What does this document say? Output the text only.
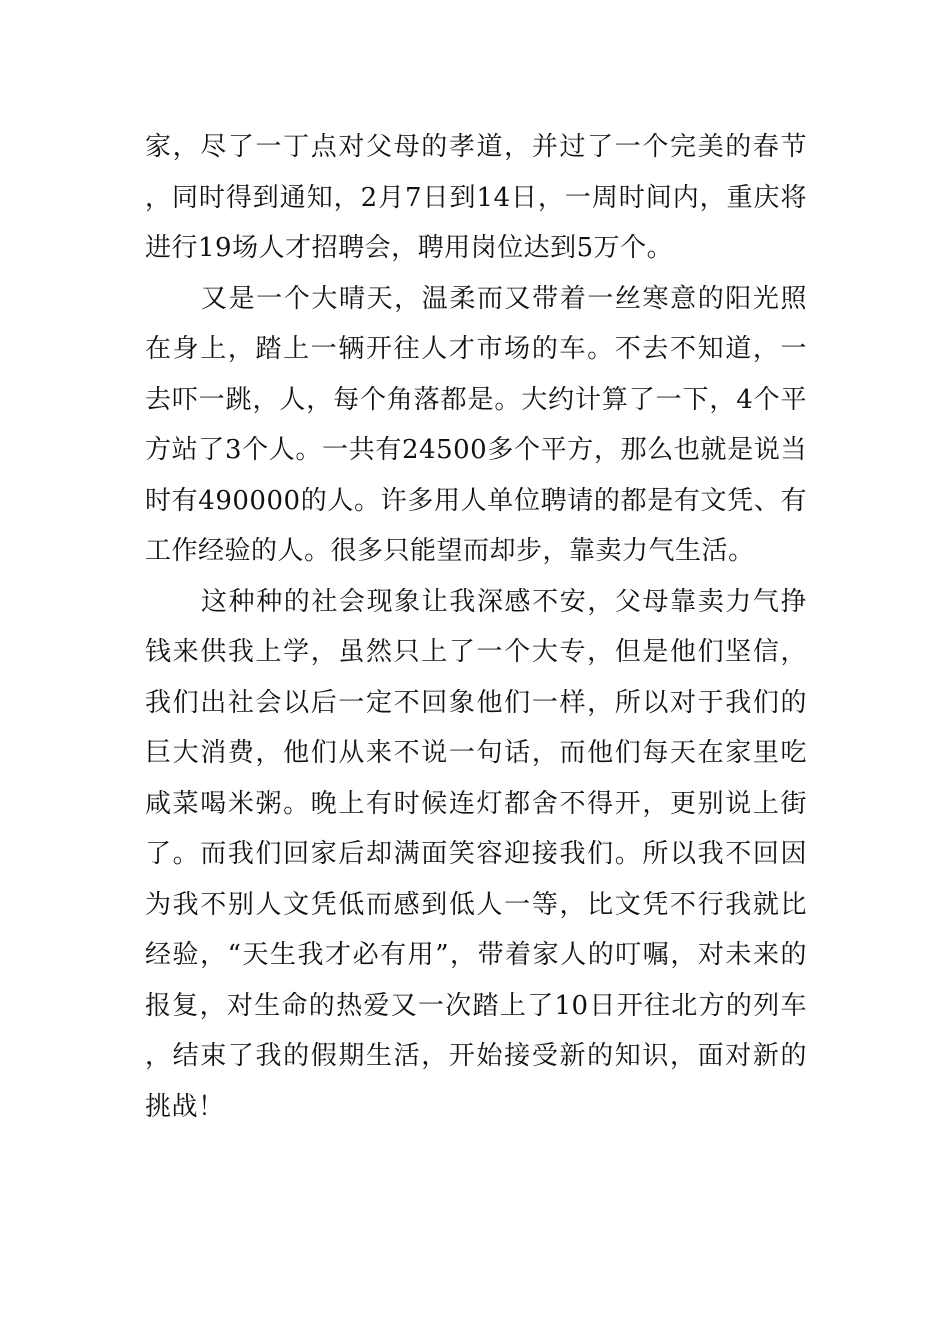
家，尽了一丁点对父母的孝道，并过了一个完美的春节，同时得到通知，2月7日到14日，一周时间内，重庆将进行19场人才招聘会，聘用岗位达到5万个。

又是一个大晴天，温柔而又带着一丝寒意的阳光照在身上，踏上一辆开往人才市场的车。不去不知道，一去吓一跳，人，每个角落都是。大约计算了一下，4个平方站了3个人。一共有24500多个平方，那么也就是说当时有490000的人。许多用人单位聘请的都是有文凭、有工作经验的人。很多只能望而却步，靠卖力气生活。

这种种的社会现象让我深感不安，父母靠卖力气挣钱来供我上学，虽然只上了一个大专，但是他们坚信，我们出社会以后一定不回象他们一样，所以对于我们的巨大消费，他们从来不说一句话，而他们每天在家里吃咸菜喝米粥。晚上有时候连灯都舍不得开，更别说上街了。而我们回家后却满面笑容迎接我们。所以我不回因为我不别人文凭低而感到低人一等，比文凭不行我就比经验，“天生我才必有用”，带着家人的叮嘱，对未来的报复，对生命的热爱又一次踏上了10日开往北方的列车，结束了我的假期生活，开始接受新的知识，面对新的挑战！
